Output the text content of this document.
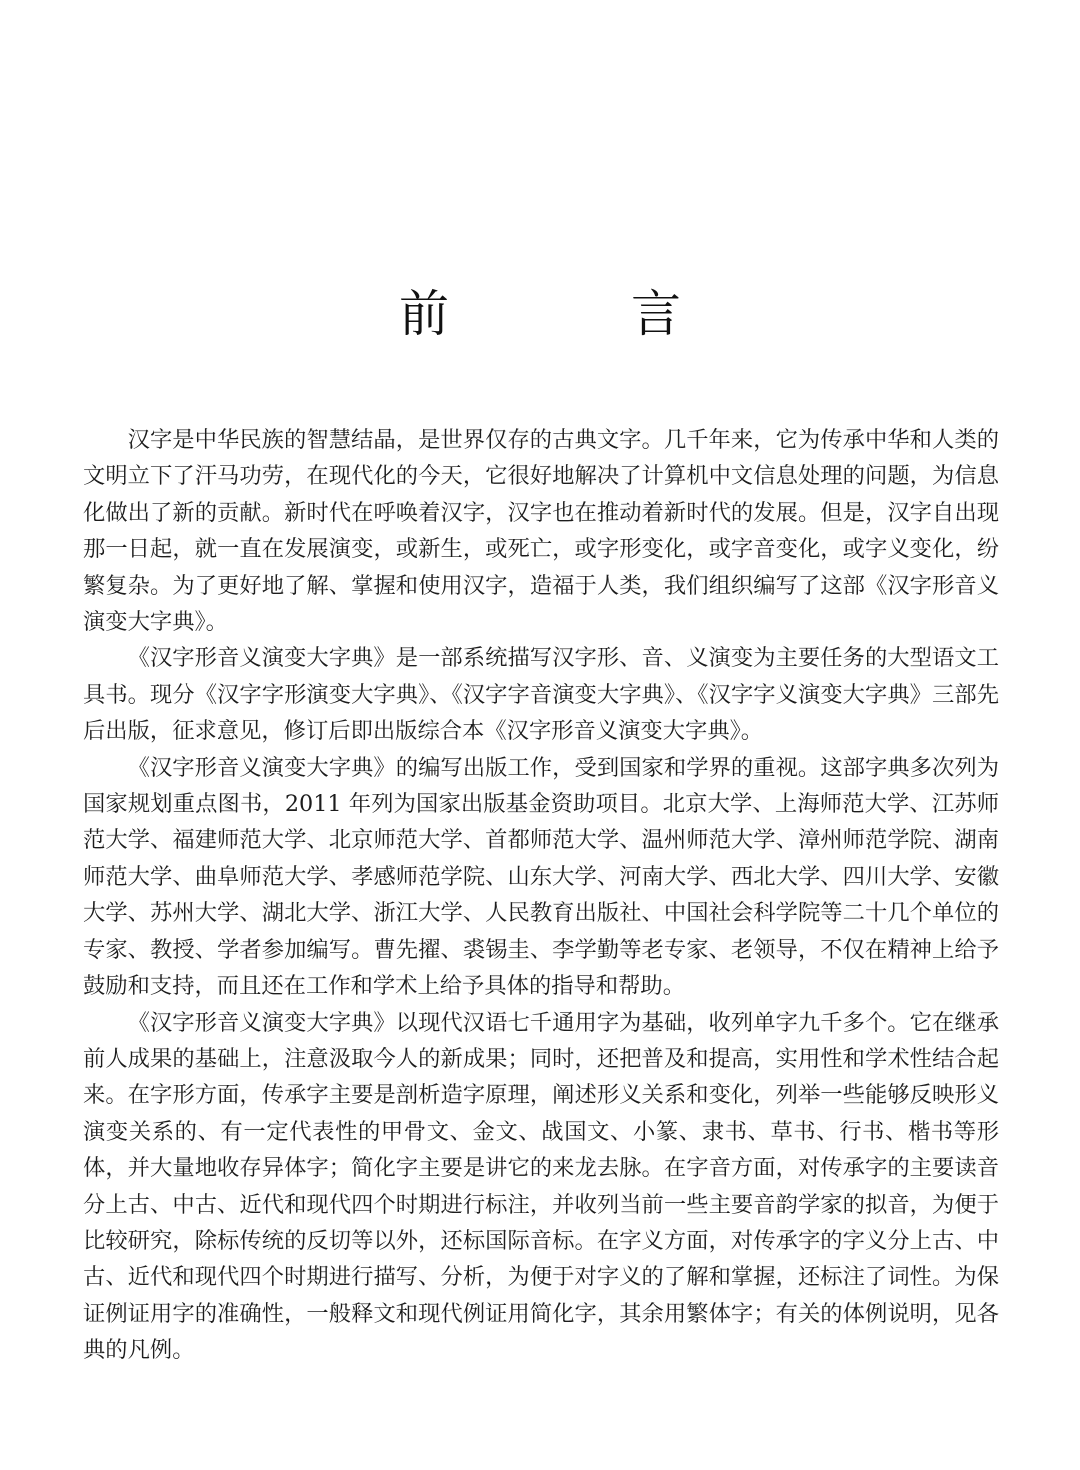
前　言

汉字是中华民族的智慧结晶，是世界仅存的古典文字。几千年来，它为传承中华和人类的文明立下了汗马功劳，在现代化的今天，它很好地解决了计算机中文信息处理的问题，为信息化做出了新的贡献。新时代在呼唤着汉字，汉字也在推动着新时代的发展。但是，汉字自出现那一日起，就一直在发展演变，或新生，或死亡，或字形变化，或字音变化，或字义变化，纷繁复杂。为了更好地了解、掌握和使用汉字，造福于人类，我们组织编写了这部《汉字形音义演变大字典》。

《汉字形音义演变大字典》是一部系统描写汉字形、音、义演变为主要任务的大型语文工具书。现分《汉字字形演变大字典》、《汉字字音演变大字典》、《汉字字义演变大字典》三部先后出版，征求意见，修订后即出版综合本《汉字形音义演变大字典》。

《汉字形音义演变大字典》的编写出版工作，受到国家和学界的重视。这部字典多次列为国家规划重点图书，2011 年列为国家出版基金资助项目。北京大学、上海师范大学、江苏师范大学、福建师范大学、北京师范大学、首都师范大学、温州师范大学、漳州师范学院、湖南师范大学、曲阜师范大学、孝感师范学院、山东大学、河南大学、西北大学、四川大学、安徽大学、苏州大学、湖北大学、浙江大学、人民教育出版社、中国社会科学院等二十几个单位的专家、教授、学者参加编写。曹先擢、裘锡圭、李学勤等老专家、老领导，不仅在精神上给予鼓励和支持，而且还在工作和学术上给予具体的指导和帮助。

《汉字形音义演变大字典》以现代汉语七千通用字为基础，收列单字九千多个。它在继承前人成果的基础上，注意汲取今人的新成果；同时，还把普及和提高，实用性和学术性结合起来。在字形方面，传承字主要是剖析造字原理，阐述形义关系和变化，列举一些能够反映形义演变关系的、有一定代表性的甲骨文、金文、战国文、小篆、隶书、草书、行书、楷书等形体，并大量地收存异体字；简化字主要是讲它的来龙去脉。在字音方面，对传承字的主要读音分上古、中古、近代和现代四个时期进行标注，并收列当前一些主要音韵学家的拟音，为便于比较研究，除标传统的反切等以外，还标国际音标。在字义方面，对传承字的字义分上古、中古、近代和现代四个时期进行描写、分析，为便于对字义的了解和掌握，还标注了词性。为保证例证用字的准确性，一般释文和现代例证用简化字，其余用繁体字；有关的体例说明，见各典的凡例。
